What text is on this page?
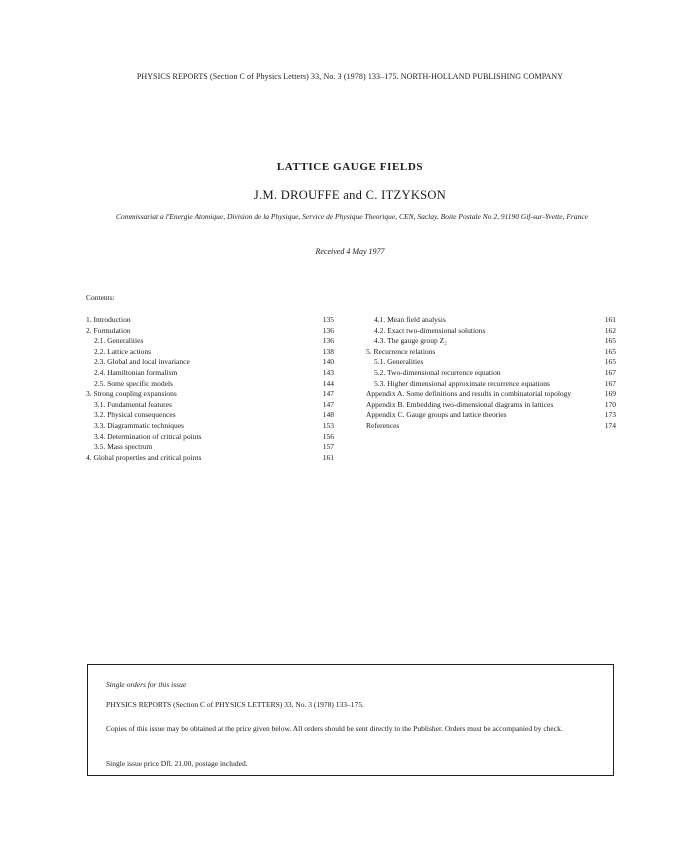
PHYSICS REPORTS (Section C of Physics Letters) 33, No. 3 (1978) 133–175. NORTH-HOLLAND PUBLISHING COMPANY
LATTICE GAUGE FIELDS
J.M. DROUFFE and C. ITZYKSON
Commissariat a l'Energie Atomique, Division de la Physique, Service de Physique Theorique, CEN, Saclay, Boite Postale No 2, 91190 Gif-sur-Yvette, France
Received 4 May 1977
Contents:
1. Introduction	135
2. Formulation	136
2.1. Generalities	136
2.2. Lattice actions	138
2.3. Global and local invariance	140
2.4. Hamiltonian formalism	143
2.5. Some specific models	144
3. Strong coupling expansions	147
3.1. Fundamental features	147
3.2. Physical consequences	148
3.3. Diagrammatic techniques	153
3.4. Determination of critical points	156
3.5. Mass spectrum	157
4. Global properties and critical points	161
4.1. Mean field analysis	161
4.2. Exact two-dimensional solutions	162
4.3. The gauge group Z₂	165
5. Recurrence relations	165
5.1. Generalities	165
5.2. Two-dimensional recurrence equation	167
5.3. Higher dimensional approximate recurrence equations	167
Appendix A. Some definitions and results in combinatorial topology	169
Appendix B. Embedding two-dimensional diagrams in lattices	170
Appendix C. Gauge groups and lattice theories	173
References	174
Single orders for this issue
PHYSICS REPORTS (Section C of PHYSICS LETTERS) 33, No. 3 (1978) 133–175.
Copies of this issue may be obtained at the price given below. All orders should be sent directly to the Publisher. Orders must be accompanied by check.
Single issue price Dfl. 21.00, postage included.
